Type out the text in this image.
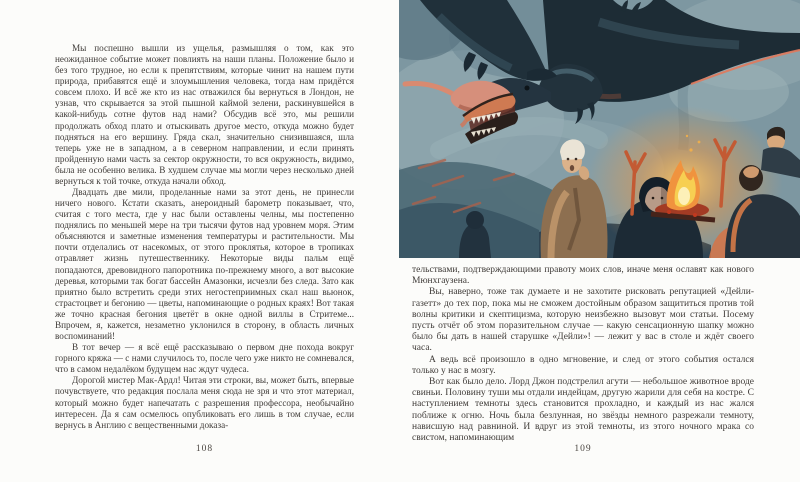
Мы поспешно вышли из ущелья, размышляя о том, как это неожиданное событие может повлиять на наши планы. Положение было и без того трудное, но если к препятствиям, которые чинит на нашем пути природа, прибавятся ещё и злоумышления человека, тогда нам придётся совсем плохо. И всё же кто из нас отважился бы вернуться в Лондон, не узнав, что скрывается за этой пышной каймой зелени, раскинувшейся в какой-нибудь сотне футов над нами? Обсудив всё это, мы решили продолжать обход плато и отыскивать другое место, откуда можно будет подняться на его вершину. Гряда скал, значительно снизившаяся, шла теперь уже не в западном, а в северном направлении, и если принять пройденную нами часть за сектор окружности, то вся окружность, видимо, была не особенно велика. В худшем случае мы могли через несколько дней вернуться к той точке, откуда начали обход.

Двадцать две мили, проделанные нами за этот день, не принесли ничего нового. Кстати сказать, анероидный барометр показывает, что, считая с того места, где у нас были оставлены челны, мы постепенно поднялись по меньшей мере на три тысячи футов над уровнем моря. Этим объясняются и заметные изменения температуры и растительности. Мы почти отделались от насекомых, от этого проклятья, которое в тропиках отравляет жизнь путешественнику. Некоторые виды пальм ещё попадаются, древовидного папоротника по-прежнему много, а вот высокие деревья, которыми так богат бассейн Амазонки, исчезли без следа. Зато как приятно было встретить среди этих негостеприимных скал наш вьюнок, страстоцвет и бегонию — цветы, напоминающие о родных краях! Вот такая же точно красная бегония цветёт в окне одной виллы в Стритеме... Впрочем, я, кажется, незаметно уклонился в сторону, в область личных воспоминаний!

В тот вечер — я всё ещё рассказываю о первом дне похода вокруг горного кряжа — с нами случилось то, после чего уже никто не сомневался, что в самом недалёком будущем нас ждут чудеса.

Дорогой мистер Мак-Ардл! Читая эти строки, вы, может быть, впервые почувствуете, что редакция послала меня сюда не зря и что этот материал, который можно будет напечатать с разрешения профессора, необычайно интересен. Да я сам осмелюсь опубликовать его лишь в том случае, если вернусь в Англию с вещественными доказа-

108

тельствами, подтверждающими правоту моих слов, иначе меня ославят как нового Мюнхгаузена.

Вы, наверно, тоже так думаете и не захотите рисковать репутацией «Дейли-газетт» до тех пор, пока мы не сможем достойным образом защититься против той волны критики и скептицизма, которую неизбежно вызовут мои статьи. Посему пусть отчёт об этом поразительном случае — какую сенсационную шапку можно было бы дать в нашей старушке «Дейли»! — лежит у вас в столе и ждёт своего часа.

А ведь всё произошло в одно мгновение, и след от этого события остался только у нас в мозгу.

Вот как было дело. Лорд Джон подстрелил агути — небольшое животное вроде свиньи. Половину туши мы отдали индейцам, другую жарили для себя на костре. С наступлением темноты здесь становится прохладно, и каждый из нас жался поближе к огню. Ночь была безлунная, но звёзды немного разрежали темноту, нависшую над равниной. И вдруг из этой темноты, из этого ночного мрака со свистом, напоминающим

109
